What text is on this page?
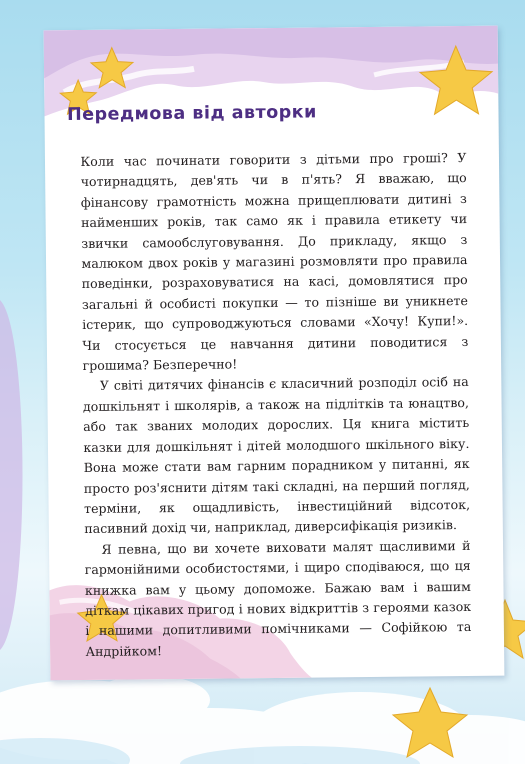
Передмова від авторки

Коли час починати говорити з дітьми про гроші? У чотирнадцять, дев'ять чи в п'ять? Я вважаю, що фінансову грамотність можна прищеплювати дитині з найменших років, так само як і правила етикету чи звички самообслуговування. До прикладу, якщо з малюком двох років у магазині розмовляти про правила поведінки, розраховуватися на касі, домовлятися про загальні й особисті покупки — то пізніше ви уникнете істерик, що супроводжуються словами «Хочу! Купи!». Чи стосується це навчання дитини поводитися з грошима? Безперечно!

У світі дитячих фінансів є класичний розподіл осіб на дошкільнят і школярів, а також на підлітків та юнацтво, або так званих молодих дорослих. Ця книга містить казки для дошкільнят і дітей молодшого шкільного віку. Вона може стати вам гарним порадником у питанні, як просто роз'яснити дітям такі складні, на перший погляд, терміни, як ощадливість, інвестиційний відсоток, пасивний дохід чи, наприклад, диверсифікація ризиків.

Я певна, що ви хочете виховати малят щасливими й гармонійними особистостями, і щиро сподіваюся, що ця книжка вам у цьому допоможе. Бажаю вам і вашим діткам цікавих пригод і нових відкриттів з героями казок і нашими допитливими помічниками — Софійкою та Андрійком!
